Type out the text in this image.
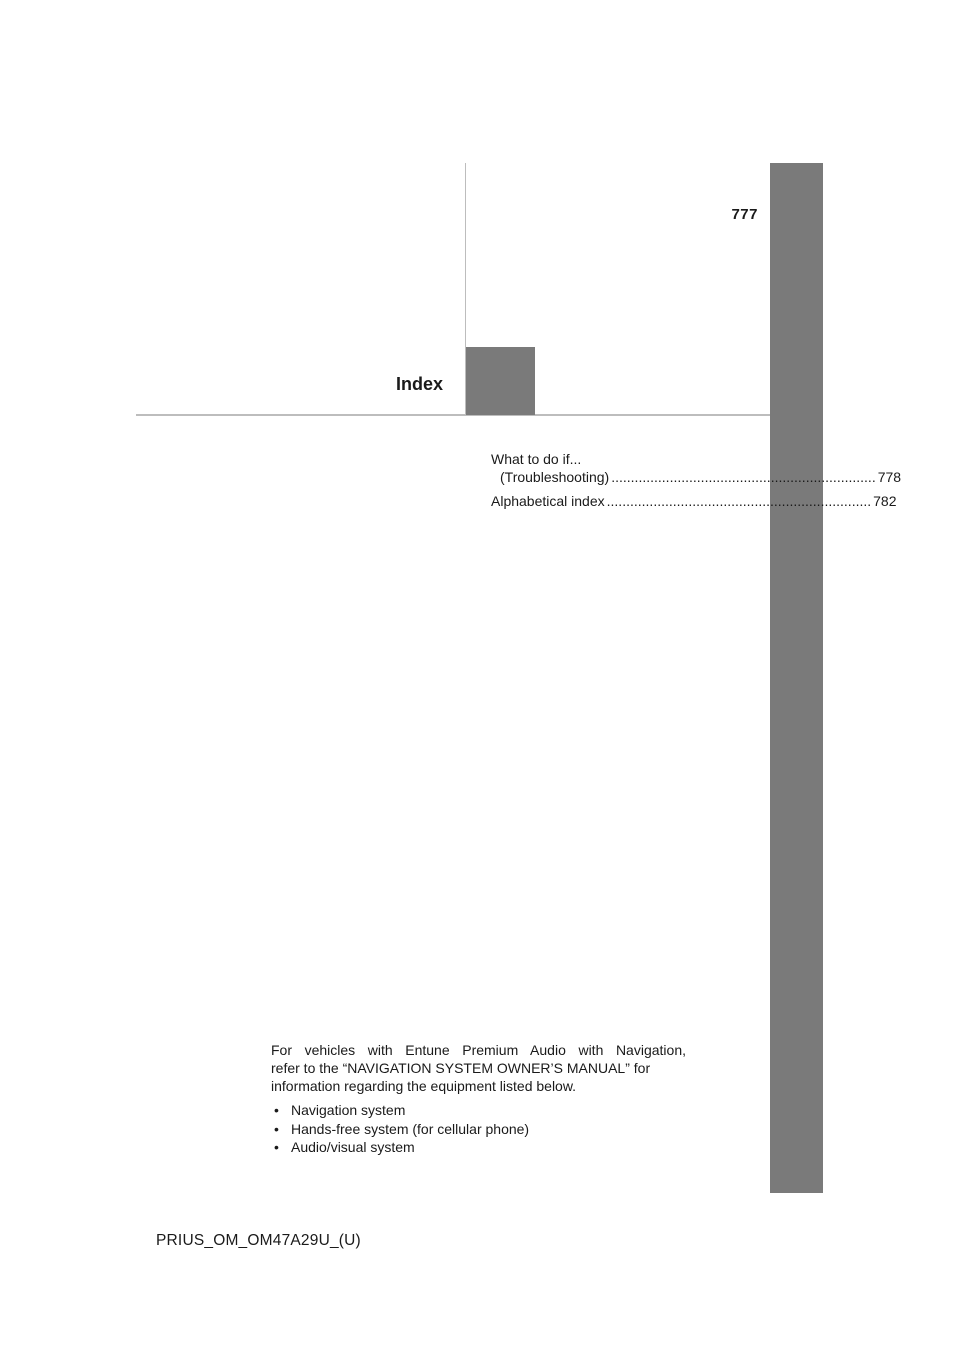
777
Index
What to do if...
(Troubleshooting) .................................................................... 778
Alphabetical index .................................................................... 782

For vehicles with Entune Premium Audio with Navigation,
refer to the “NAVIGATION SYSTEM OWNER’S MANUAL” for
information regarding the equipment listed below.

• Navigation system
• Hands-free system (for cellular phone)
• Audio/visual system
PRIUS_OM_OM47A29U_(U)
